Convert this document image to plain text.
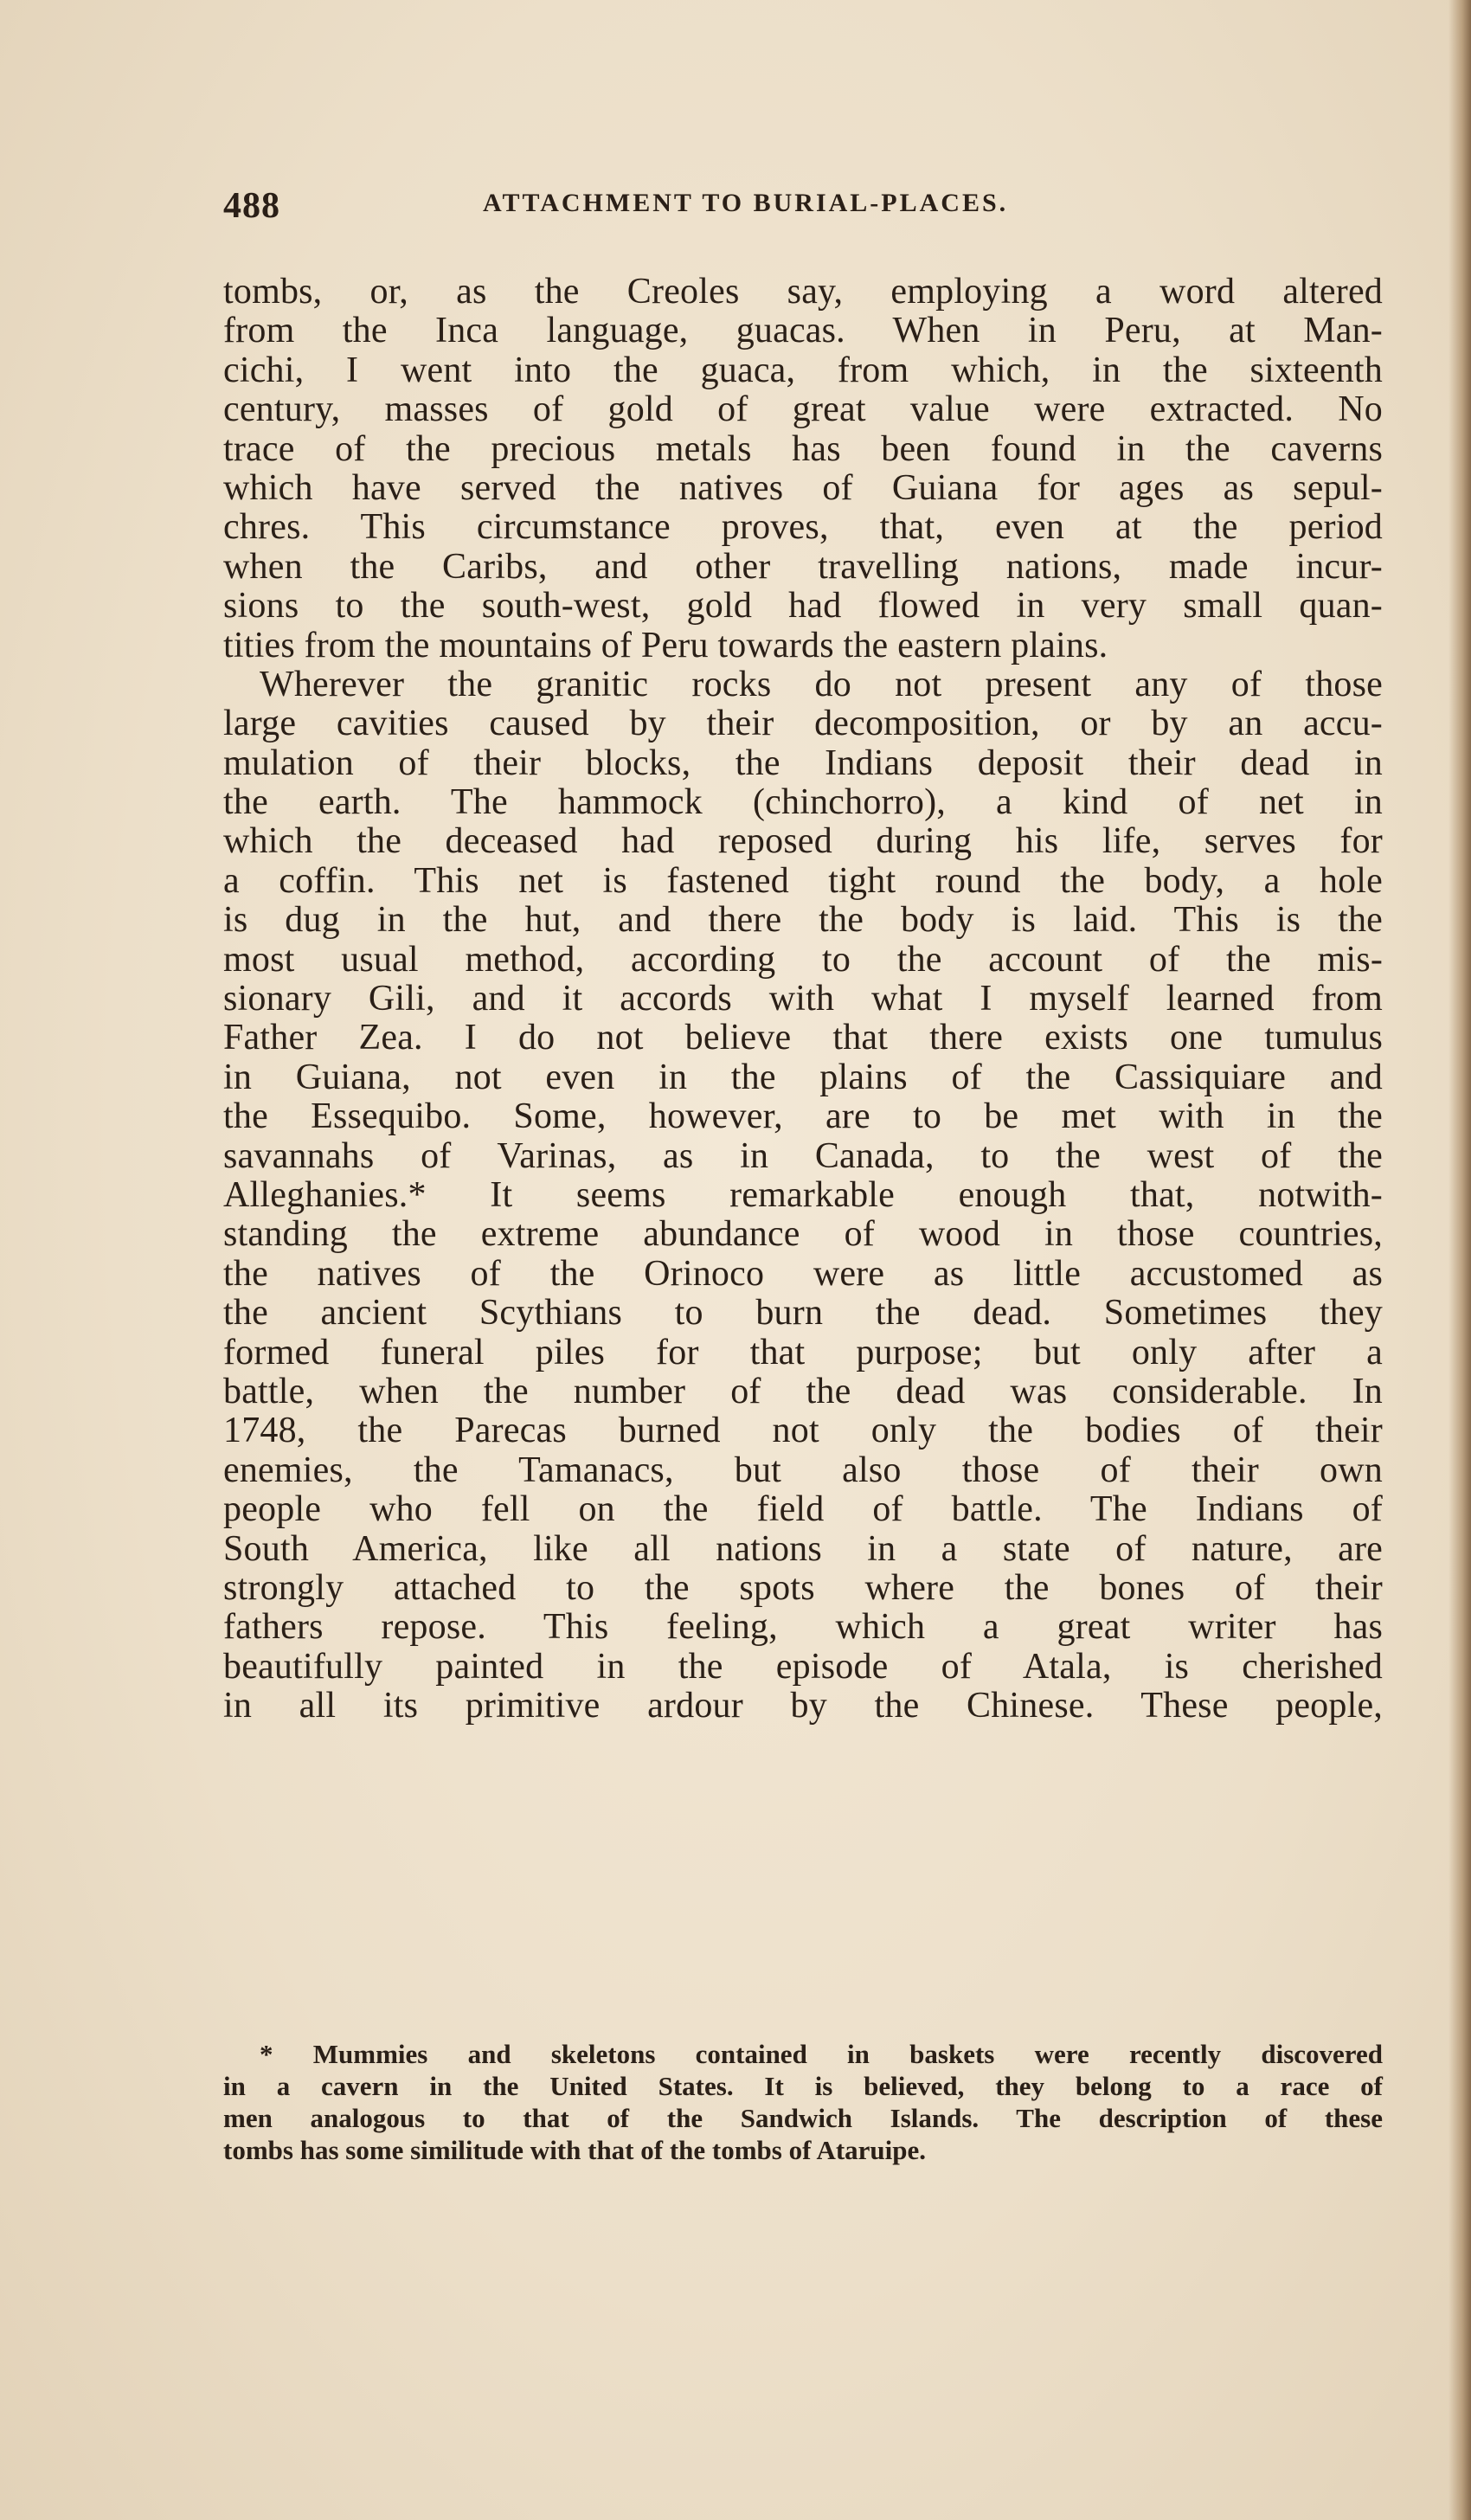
488	ATTACHMENT TO BURIAL-PLACES.
tombs, or, as the Creoles say, employing a word altered
from the Inca language, guacas. When in Peru, at Man-
cichi, I went into the guaca, from which, in the sixteenth
century, masses of gold of great value were extracted. No
trace of the precious metals has been found in the caverns
which have served the natives of Guiana for ages as sepul-
chres. This circumstance proves, that, even at the period
when the Caribs, and other travelling nations, made incur-
sions to the south-west, gold had flowed in very small quan-
tities from the mountains of Peru towards the eastern plains.
Wherever the granitic rocks do not present any of those
large cavities caused by their decomposition, or by an accu-
mulation of their blocks, the Indians deposit their dead in
the earth. The hammock (chinchorro), a kind of net in
which the deceased had reposed during his life, serves for
a coffin. This net is fastened tight round the body, a hole
is dug in the hut, and there the body is laid. This is the
most usual method, according to the account of the mis-
sionary Gili, and it accords with what I myself learned from
Father Zea. I do not believe that there exists one tumulus
in Guiana, not even in the plains of the Cassiquiare and
the Essequibo. Some, however, are to be met with in the
savannahs of Varinas, as in Canada, to the west of the
Alleghanies.* It seems remarkable enough that, notwith-
standing the extreme abundance of wood in those countries,
the natives of the Orinoco were as little accustomed as
the ancient Scythians to burn the dead. Sometimes they
formed funeral piles for that purpose; but only after a
battle, when the number of the dead was considerable. In
1748, the Parecas burned not only the bodies of their
enemies, the Tamanacs, but also those of their own
people who fell on the field of battle. The Indians of
South America, like all nations in a state of nature, are
strongly attached to the spots where the bones of their
fathers repose. This feeling, which a great writer has
beautifully painted in the episode of Atala, is cherished
in all its primitive ardour by the Chinese. These people,
* Mummies and skeletons contained in baskets were recently discovered
in a cavern in the United States. It is believed, they belong to a race of
men analogous to that of the Sandwich Islands. The description of these
tombs has some similitude with that of the tombs of Ataruipe.
